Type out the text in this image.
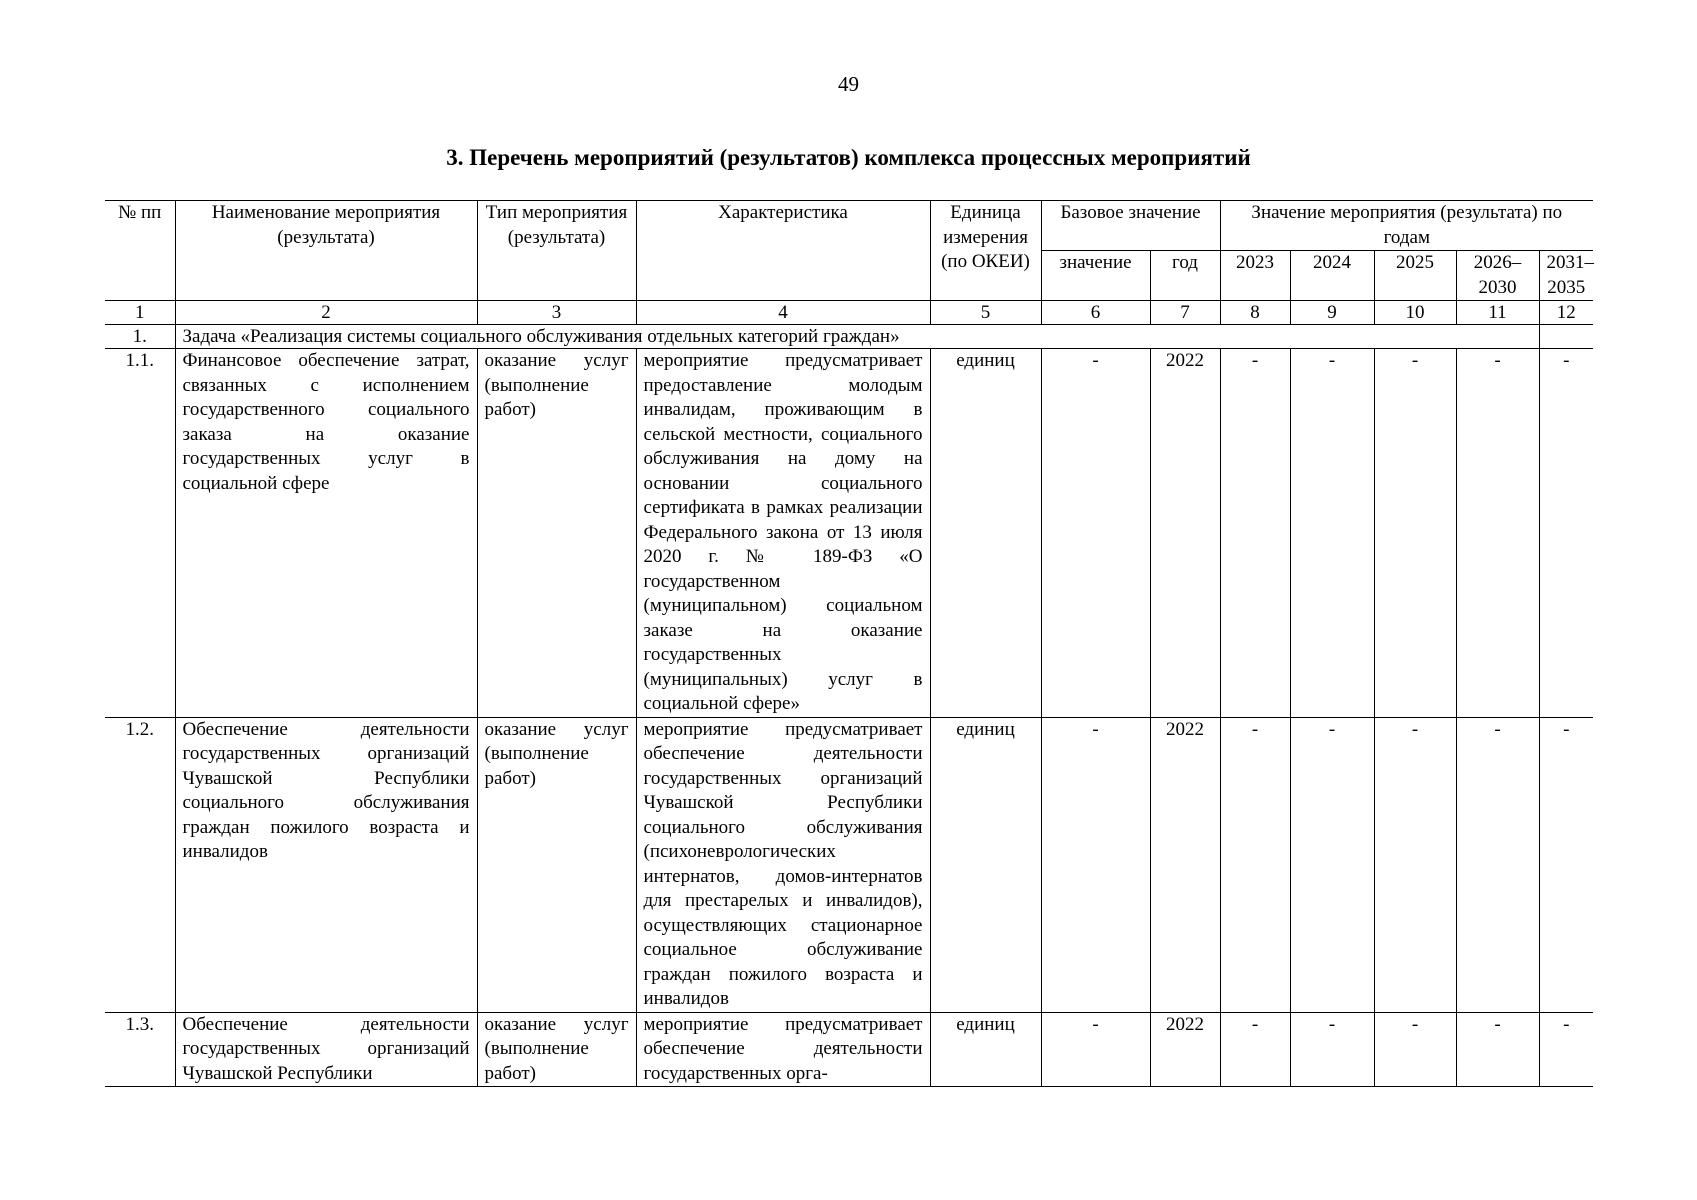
49
3. Перечень мероприятий (результатов) комплекса процессных мероприятий
№ пп	Наименование мероприятия (результата)	Тип мероприятия (результата)	Характеристика	Единица измерения (по ОКЕИ)	Базовое значение		Значение мероприятия (результата) по годам				
					значение	год	2023	2024	2025	2026–2030	2031–2035
1	2	3	4	5	6	7	8	9	10	11	12
1.	Задача «Реализация системы социального обслуживания отдельных категорий граждан»										
1.1.	Финансовое обеспечение затрат, связанных с исполнением государственного социального заказа на оказание государственных услуг в социальной сфере	оказание услуг (выполнение работ)	мероприятие предусматривает предоставление молодым инвалидам, проживающим в сельской местности, социального обслуживания на дому на основании социального сертификата в рамках реализации Федерального закона от 13 июля 2020 г. № 189-ФЗ «О государственном (муниципальном) социальном заказе на оказание государственных (муниципальных) услуг в социальной сфере»	единиц	-	2022	-	-	-	-	-
1.2.	Обеспечение деятельности государственных организаций Чувашской Республики социального обслуживания граждан пожилого возраста и инвалидов	оказание услуг (выполнение работ)	мероприятие предусматривает обеспечение деятельности государственных организаций Чувашской Республики социального обслуживания (психоневрологических интернатов, домов-интернатов для престарелых и инвалидов), осуществляющих стационарное социальное обслуживание граждан пожилого возраста и инвалидов	единиц	-	2022	-	-	-	-	-
1.3.	Обеспечение деятельности государственных организаций Чувашской Республики	оказание услуг (выполнение работ)	мероприятие предусматривает обеспечение деятельности государственных орга-	единиц	-	2022	-	-	-	-	-
